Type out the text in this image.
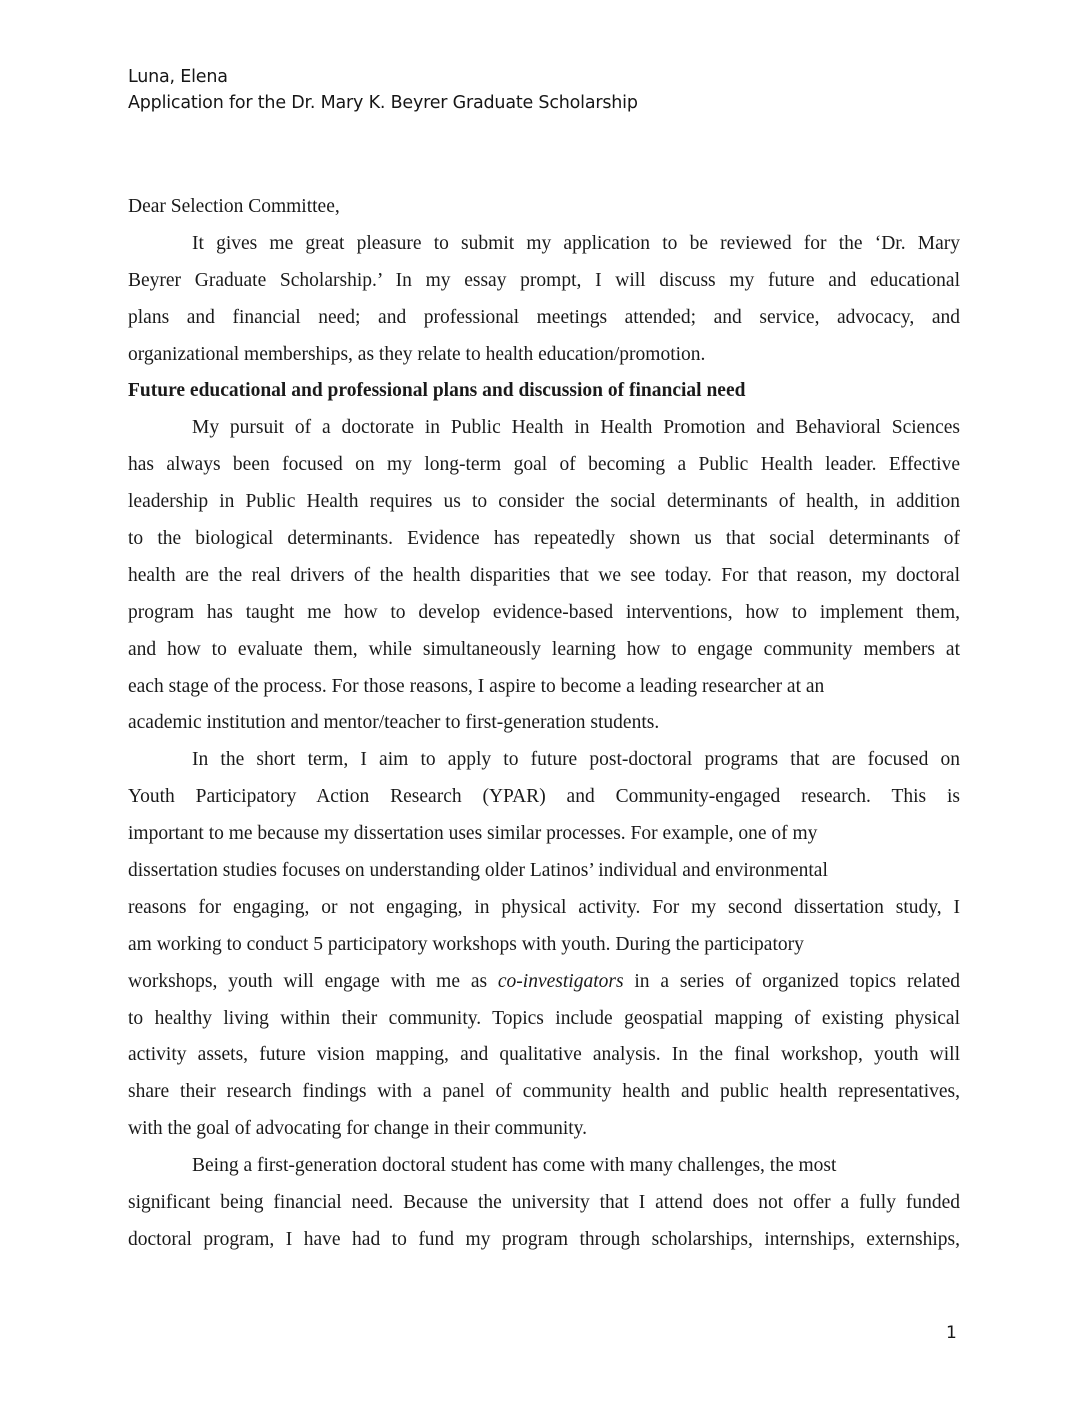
Luna, Elena
Application for the Dr. Mary K. Beyrer Graduate Scholarship
Dear Selection Committee,
It gives me great pleasure to submit my application to be reviewed for the ‘Dr. Mary
Beyrer Graduate Scholarship.’ In my essay prompt, I will discuss my future and educational
plans and financial need; and professional meetings attended; and service, advocacy, and
organizational memberships, as they relate to health education/promotion.
Future educational and professional plans and discussion of financial need
My pursuit of a doctorate in Public Health in Health Promotion and Behavioral Sciences
has always been focused on my long-term goal of becoming a Public Health leader. Effective
leadership in Public Health requires us to consider the social determinants of health, in addition
to the biological determinants. Evidence has repeatedly shown us that social determinants of
health are the real drivers of the health disparities that we see today. For that reason, my doctoral
program has taught me how to develop evidence-based interventions, how to implement them,
and how to evaluate them, while simultaneously learning how to engage community members at
each stage of the process. For those reasons, I aspire to become a leading researcher at an
academic institution and mentor/teacher to first-generation students.
In the short term, I aim to apply to future post-doctoral programs that are focused on
Youth Participatory Action Research (YPAR) and Community-engaged research. This is
important to me because my dissertation uses similar processes. For example, one of my
dissertation studies focuses on understanding older Latinos’ individual and environmental
reasons for engaging, or not engaging, in physical activity. For my second dissertation study, I
am working to conduct 5 participatory workshops with youth. During the participatory
workshops, youth will engage with me as co-investigators in a series of organized topics related
to healthy living within their community. Topics include geospatial mapping of existing physical
activity assets, future vision mapping, and qualitative analysis. In the final workshop, youth will
share their research findings with a panel of community health and public health representatives,
with the goal of advocating for change in their community.
Being a first-generation doctoral student has come with many challenges, the most
significant being financial need. Because the university that I attend does not offer a fully funded
doctoral program, I have had to fund my program through scholarships, internships, externships,
1
